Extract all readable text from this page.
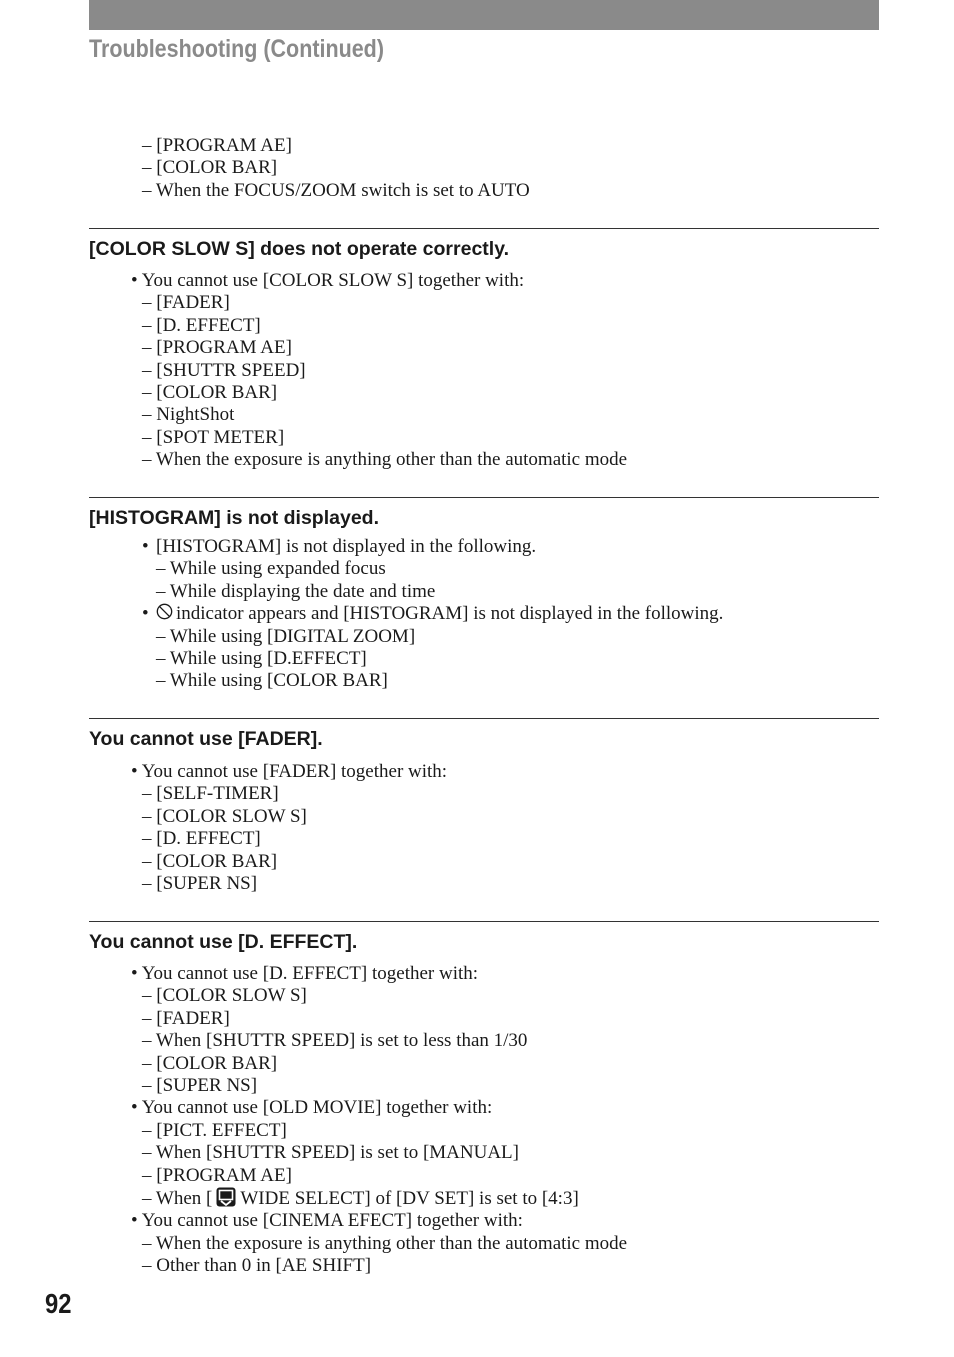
Troubleshooting (Continued)
– [PROGRAM AE]
– [COLOR BAR]
– When the FOCUS/ZOOM switch is set to AUTO
[COLOR SLOW S] does not operate correctly.
• You cannot use [COLOR SLOW S] together with:
– [FADER]
– [D. EFFECT]
– [PROGRAM AE]
– [SHUTTR SPEED]
– [COLOR BAR]
– NightShot
– [SPOT METER]
– When the exposure is anything other than the automatic mode
[HISTOGRAM] is not displayed.
• [HISTOGRAM] is not displayed in the following.
– While using expanded focus
– While displaying the date and time
• indicator appears and [HISTOGRAM] is not displayed in the following.
– While using [DIGITAL ZOOM]
– While using [D.EFFECT]
– While using [COLOR BAR]
You cannot use [FADER].
• You cannot use [FADER] together with:
– [SELF-TIMER]
– [COLOR SLOW S]
– [D. EFFECT]
– [COLOR BAR]
– [SUPER NS]
You cannot use [D. EFFECT].
• You cannot use [D. EFFECT] together with:
– [COLOR SLOW S]
– [FADER]
– When [SHUTTR SPEED] is set to less than 1/30
– [COLOR BAR]
– [SUPER NS]
• You cannot use [OLD MOVIE] together with:
– [PICT. EFFECT]
– When [SHUTTR SPEED] is set to [MANUAL]
– [PROGRAM AE]
– When [ WIDE SELECT] of [DV SET] is set to [4:3]
• You cannot use [CINEMA EFECT] together with:
– When the exposure is anything other than the automatic mode
– Other than 0 in [AE SHIFT]
92
